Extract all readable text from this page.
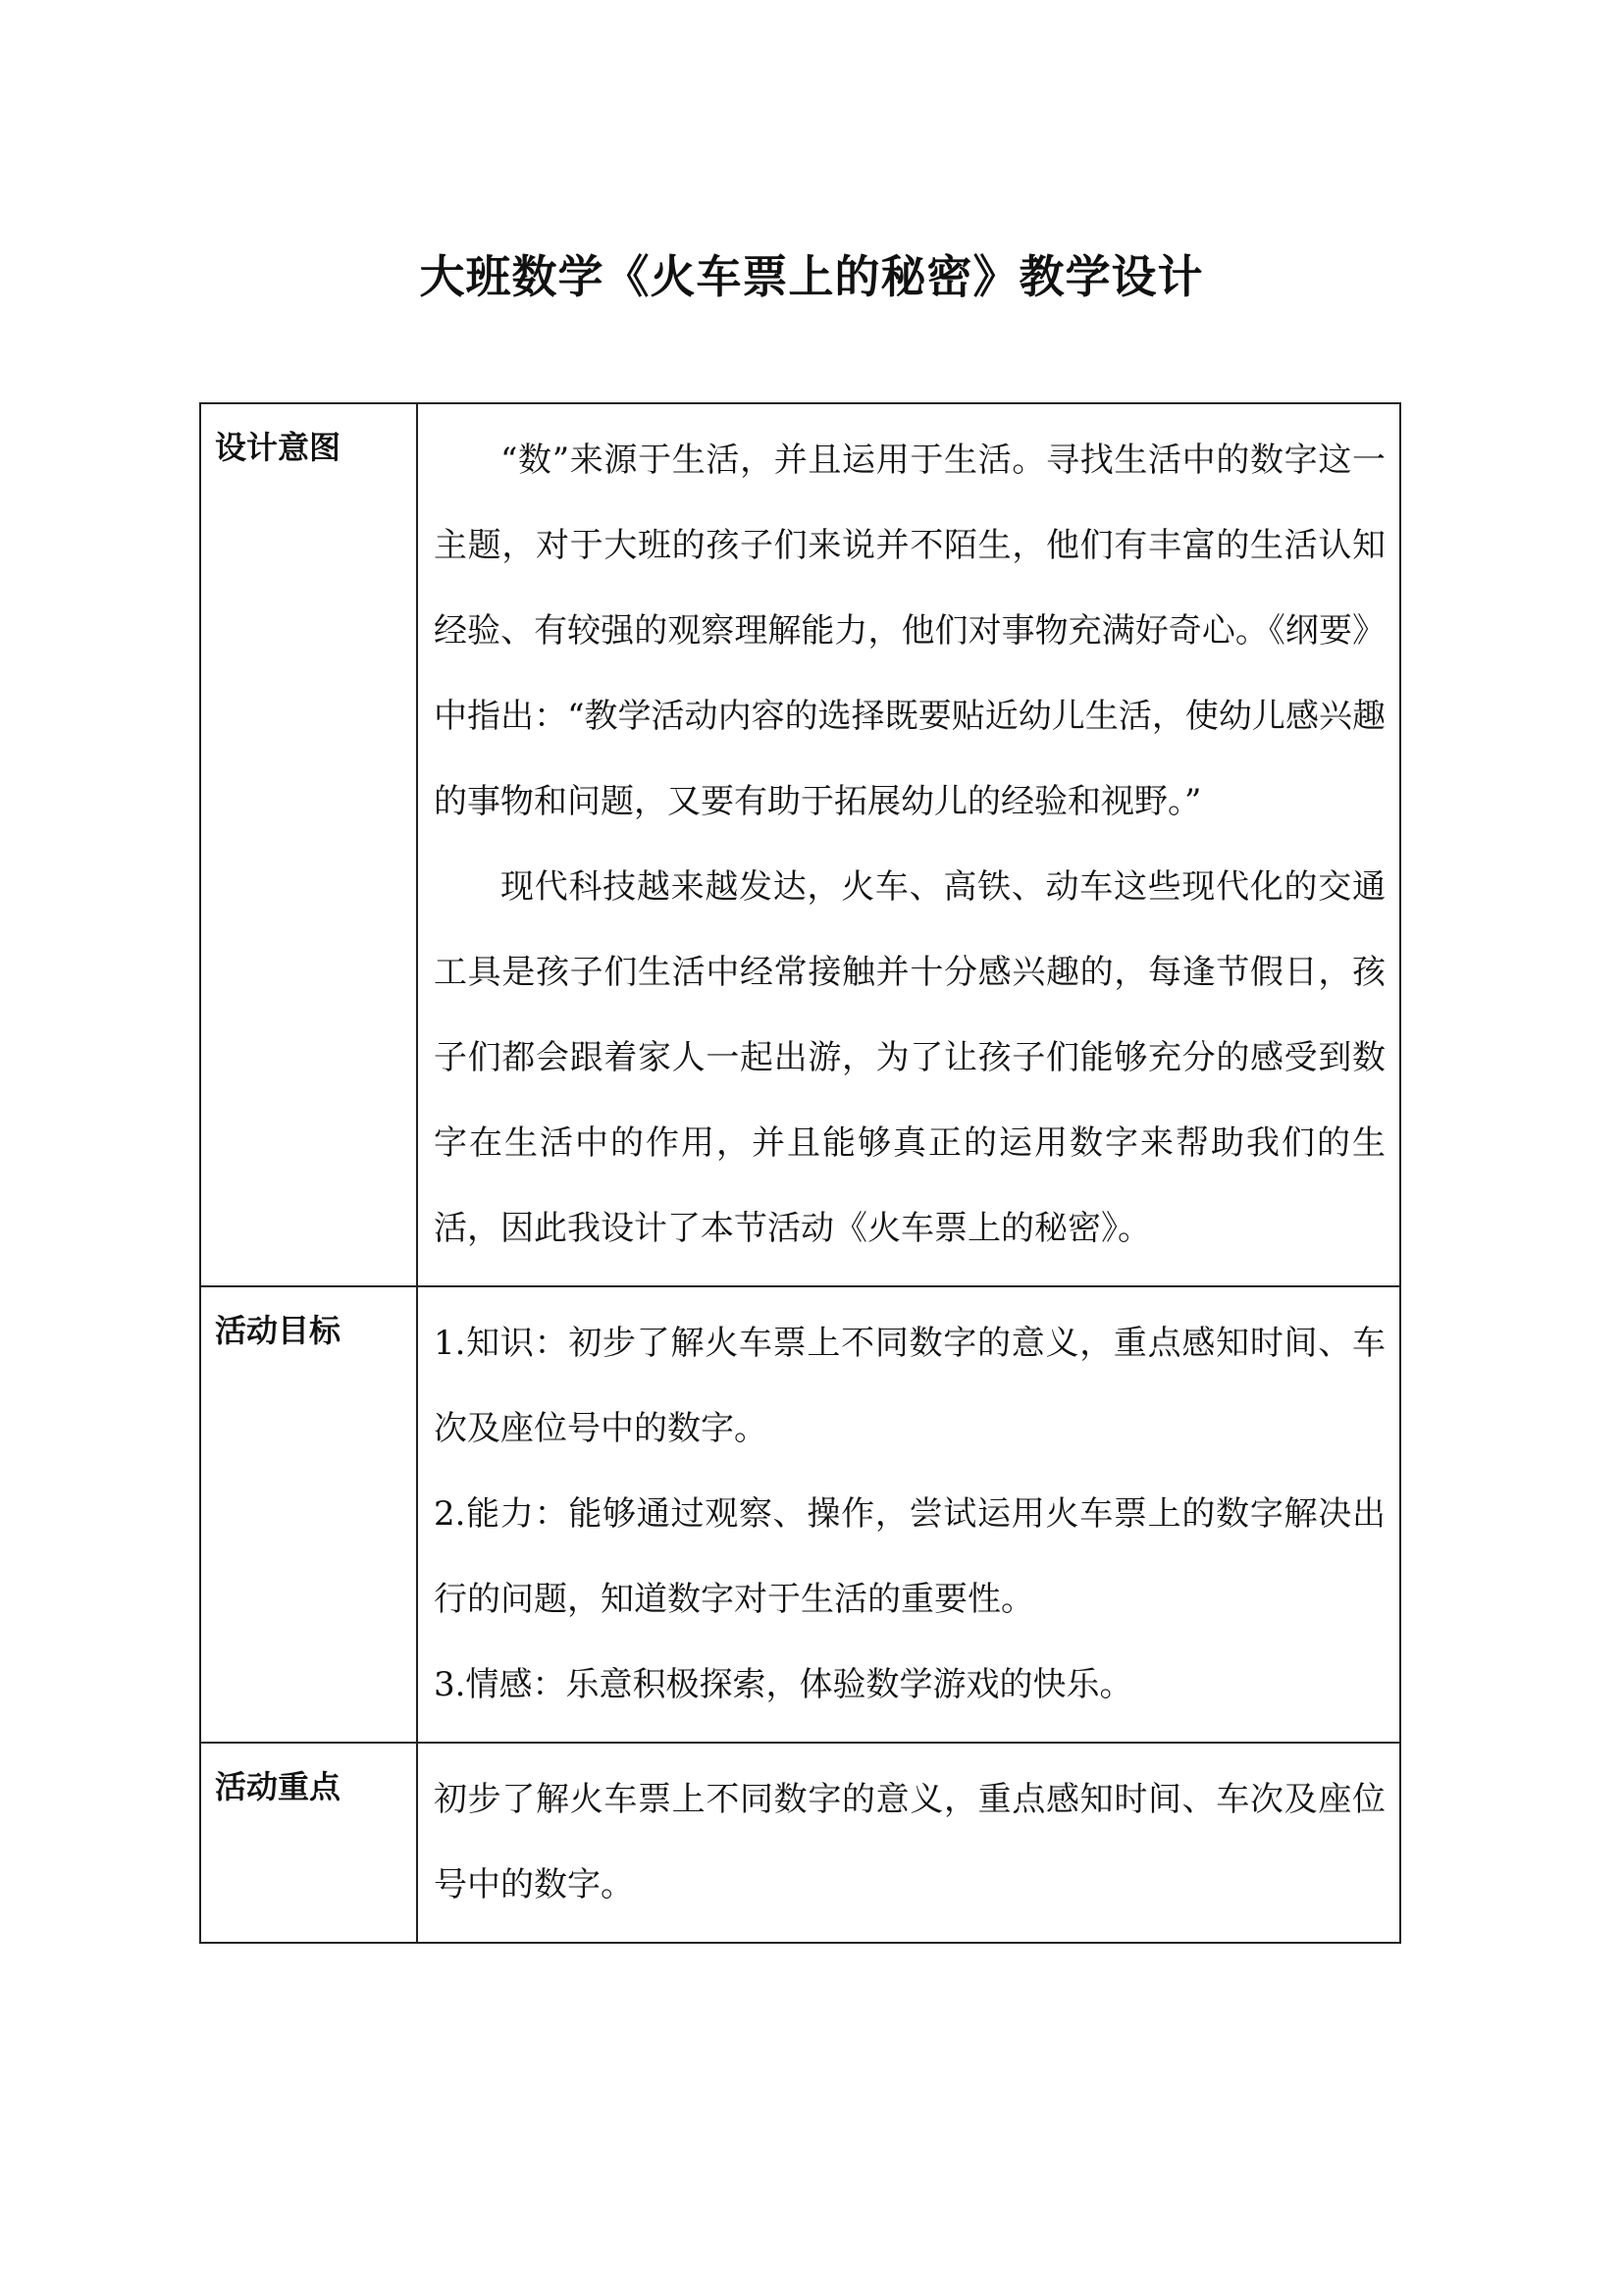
大班数学《火车票上的秘密》教学设计
设计意图	“数”来源于生活，并且运用于生活。寻找生活中的数字这一主题，对于大班的孩子们来说并不陌生，他们有丰富的生活认知经验、有较强的观察理解能力，他们对事物充满好奇心。《纲要》中指出：“教学活动内容的选择既要贴近幼儿生活，使幼儿感兴趣的事物和问题，又要有助于拓展幼儿的经验和视野。”

现代科技越来越发达，火车、高铁、动车这些现代化的交通工具是孩子们生活中经常接触并十分感兴趣的，每逢节假日，孩子们都会跟着家人一起出游，为了让孩子们能够充分的感受到数字在生活中的作用，并且能够真正的运用数字来帮助我们的生活，因此我设计了本节活动《火车票上的秘密》。

活动目标	1.知识：初步了解火车票上不同数字的意义，重点感知时间、车次及座位号中的数字。

2.能力：能够通过观察、操作，尝试运用火车票上的数字解决出行的问题，知道数字对于生活的重要性。

3.情感：乐意积极探索，体验数学游戏的快乐。

活动重点	初步了解火车票上不同数字的意义，重点感知时间、车次及座位号中的数字。
